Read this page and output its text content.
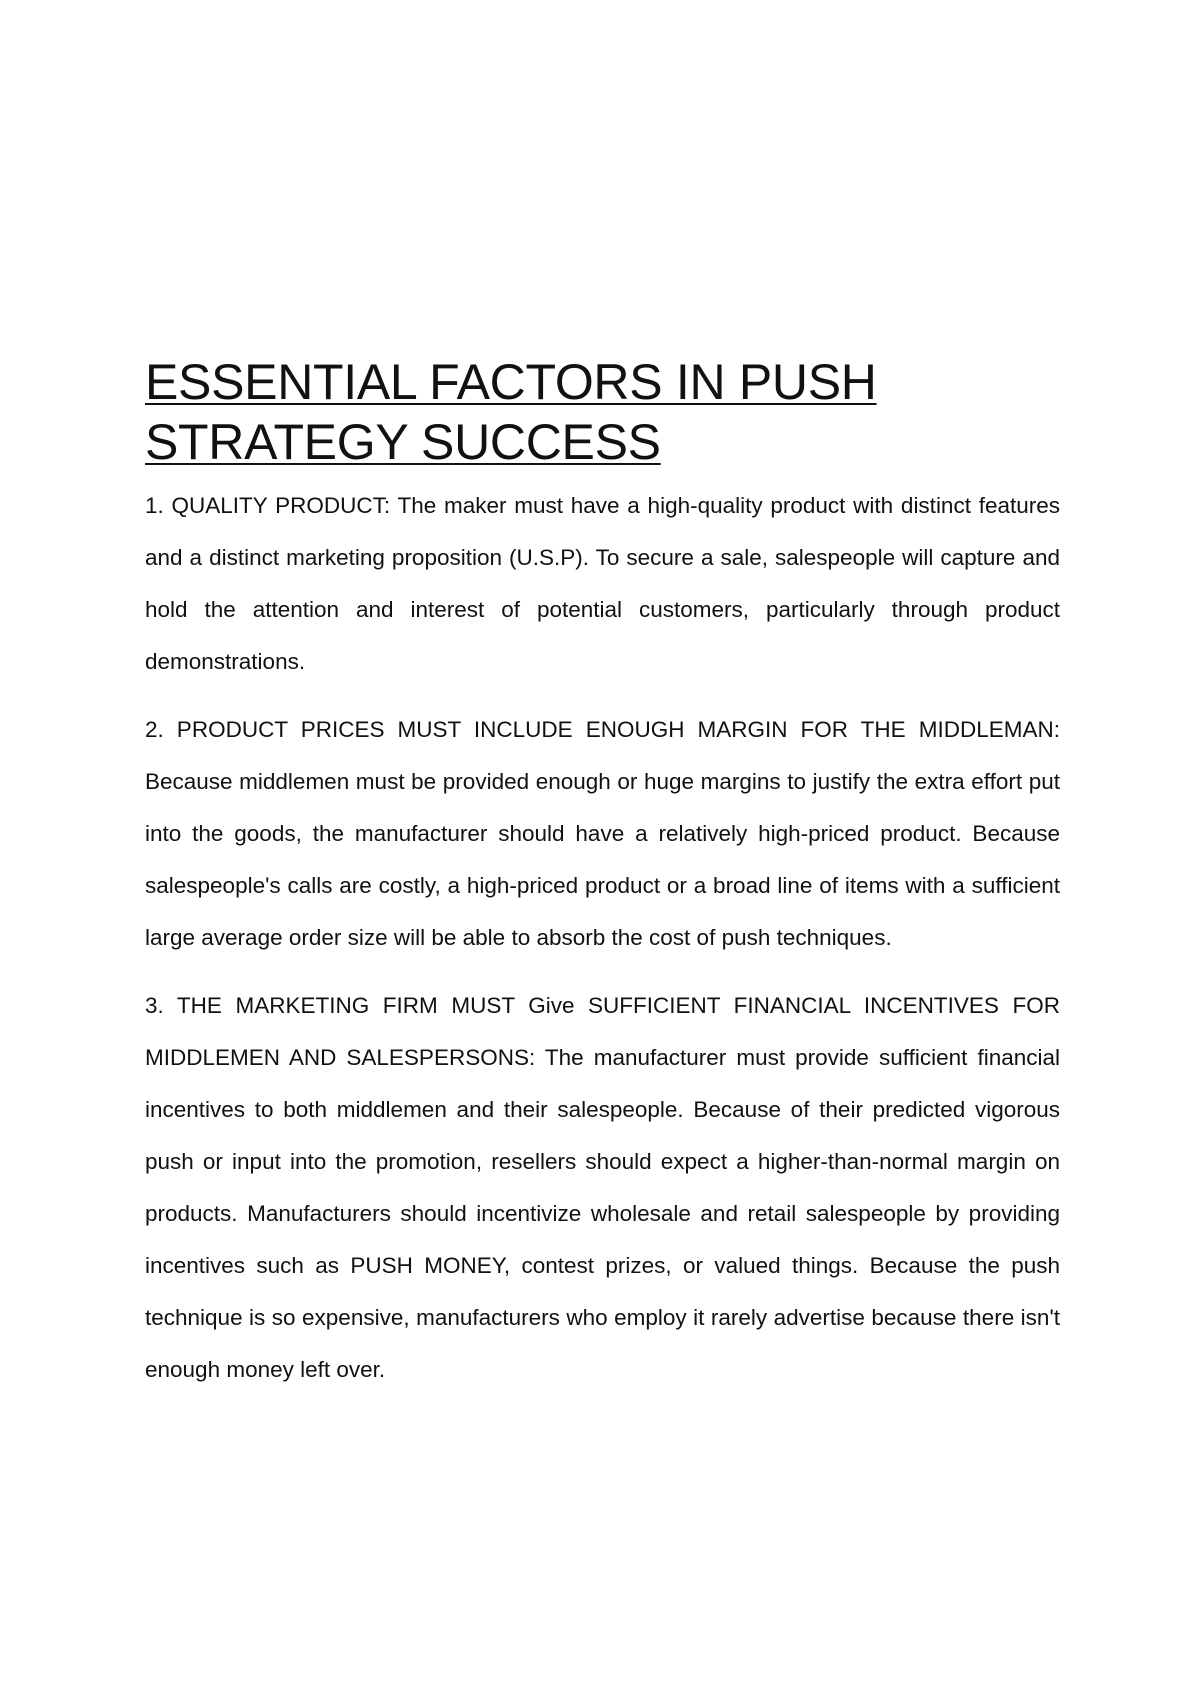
ESSENTIAL FACTORS IN PUSH
STRATEGY SUCCESS

1. QUALITY PRODUCT: The maker must have a high-quality product with distinct features and a distinct marketing proposition (U.S.P). To secure a sale, salespeople will capture and hold the attention and interest of potential customers, particularly through product demonstrations.

2. PRODUCT PRICES MUST INCLUDE ENOUGH MARGIN FOR THE MIDDLEMAN: Because middlemen must be provided enough or huge margins to justify the extra effort put into the goods, the manufacturer should have a relatively high-priced product. Because salespeople's calls are costly, a high-priced product or a broad line of items with a sufficient large average order size will be able to absorb the cost of push techniques.

3. THE MARKETING FIRM MUST Give SUFFICIENT FINANCIAL INCENTIVES FOR MIDDLEMEN AND SALESPERSONS: The manufacturer must provide sufficient financial incentives to both middlemen and their salespeople. Because of their predicted vigorous push or input into the promotion, resellers should expect a higher-than-normal margin on products. Manufacturers should incentivize wholesale and retail salespeople by providing incentives such as PUSH MONEY, contest prizes, or valued things. Because the push technique is so expensive, manufacturers who employ it rarely advertise because there isn't enough money left over.
